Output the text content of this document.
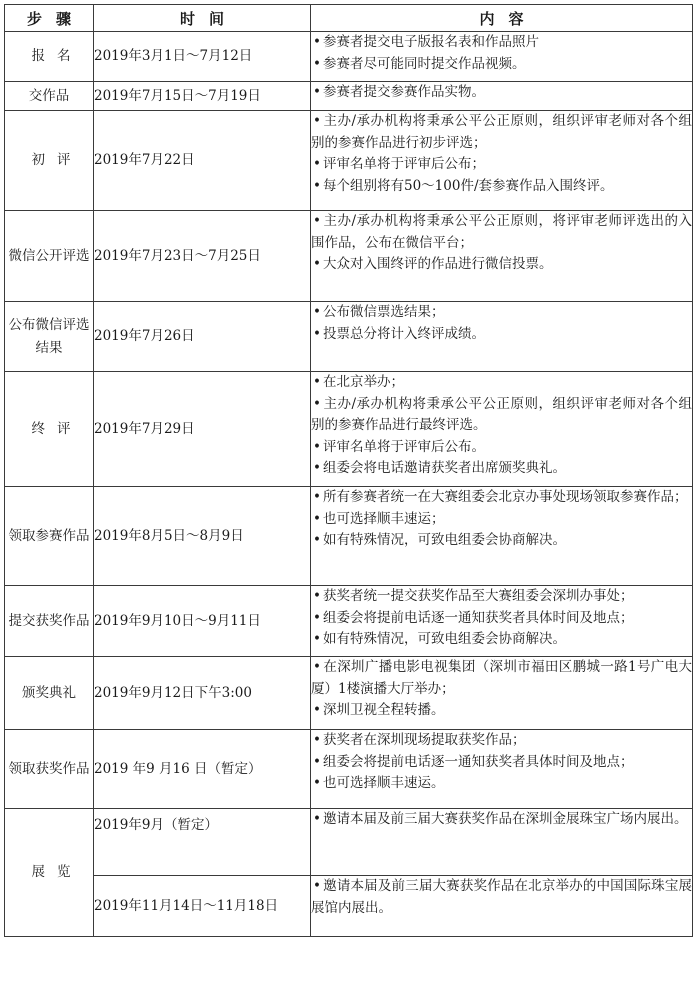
步骤	时间	内容
报名	2019年3月1日～7月12日	• 参赛者提交电子版报名表和作品照片
• 参赛者尽可能同时提交作品视频。

交作品	2019年7月15日～7月19日	• 参赛者提交参赛作品实物。

初评	2019年7月22日	• 主办/承办机构将秉承公平公正原则，组织评审老师对各个组别的参赛作品进行初步评选；
• 评审名单将于评审后公布；
• 每个组别将有50～100件/套参赛作品入围终评。

微信公开评选	2019年7月23日～7月25日	• 主办/承办机构将秉承公平公正原则，将评审老师评选出的入围作品，公布在微信平台；
• 大众对入围终评的作品进行微信投票。

公布微信评选结果	2019年7月26日	• 公布微信票选结果；
• 投票总分将计入终评成绩。

终评	2019年7月29日	• 在北京举办；
• 主办/承办机构将秉承公平公正原则，组织评审老师对各个组别的参赛作品进行最终评选。
• 评审名单将于评审后公布。
• 组委会将电话邀请获奖者出席颁奖典礼。

领取参赛作品	2019年8月5日～8月9日	• 所有参赛者统一在大赛组委会北京办事处现场领取参赛作品；
• 也可选择顺丰速运；
• 如有特殊情况，可致电组委会协商解决。

提交获奖作品	2019年9月10日～9月11日	• 获奖者统一提交获奖作品至大赛组委会深圳办事处；
• 组委会将提前电话逐一通知获奖者具体时间及地点；
• 如有特殊情况，可致电组委会协商解决。

颁奖典礼	2019年9月12日下午3:00	• 在深圳广播电影电视集团（深圳市福田区鹏城一路1号广电大厦）1楼演播大厅举办；
• 深圳卫视全程转播。

领取获奖作品	2019 年9 月16 日（暂定）	• 获奖者在深圳现场提取获奖作品；
• 组委会将提前电话逐一通知获奖者具体时间及地点；
• 也可选择顺丰速运。

展览	2019年9月（暂定）	• 邀请本届及前三届大赛获奖作品在深圳金展珠宝广场内展出。

	2019年11月14日～11月18日	• 邀请本届及前三届大赛获奖作品在北京举办的中国国际珠宝展展馆内展出。
